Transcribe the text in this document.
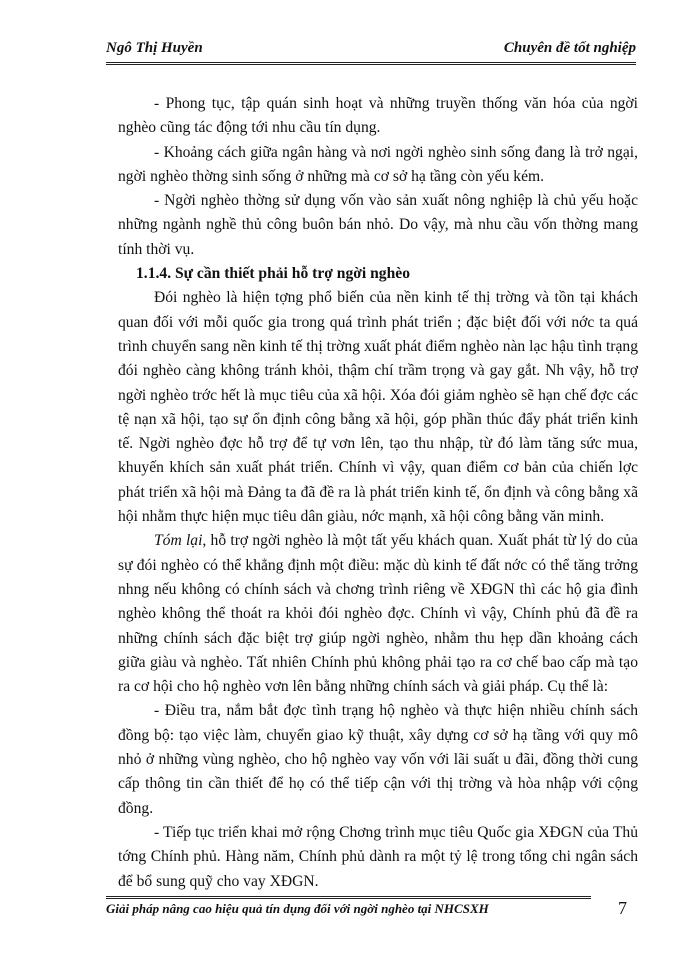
Ngô Thị Huyền	Chuyên đề tốt nghiệp

- Phong tục, tập quán sinh hoạt và những truyền thống văn hóa của ngời nghèo cũng tác động tới nhu cầu tín dụng.

- Khoảng cách giữa ngân hàng và nơi ngời nghèo sinh sống đang là trở ngại, ngời nghèo thờng sinh sống ở những mà cơ sở hạ tầng còn yếu kém.

- Ngời nghèo thờng sử dụng vốn vào sản xuất nông nghiệp là chủ yếu hoặc những ngành nghề thủ công buôn bán nhỏ. Do vậy, mà nhu cầu vốn thờng mang tính thời vụ.

1.1.4. Sự cần thiết phải hỗ trợ ngời nghèo

Đói nghèo là hiện tợng phổ biến của nền kinh tế thị trờng và tồn tại khách quan đối với mỗi quốc gia trong quá trình phát triển ; đặc biệt đối với nớc ta quá trình chuyển sang nền kinh tế thị trờng xuất phát điểm nghèo nàn lạc hậu tình trạng đói nghèo càng không tránh khỏi, thậm chí trầm trọng và gay gắt. Nh vậy, hỗ trợ ngời nghèo trớc hết là mục tiêu của xã hội. Xóa đói giảm nghèo sẽ hạn chế đợc các tệ nạn xã hội, tạo sự ổn định công bằng xã hội, góp phần thúc đẩy phát triển kinh tế. Ngời nghèo đợc hỗ trợ để tự vơn lên, tạo thu nhập, từ đó làm tăng sức mua, khuyến khích sản xuất phát triển. Chính vì vậy, quan điểm cơ bản của chiến lợc phát triển xã hội mà Đảng ta đã đề ra là phát triển kinh tế, ổn định và công bằng xã hội nhằm thực hiện mục tiêu dân giàu, nớc mạnh, xã hội công bằng văn minh.

Tóm lại, hỗ trợ ngời nghèo là một tất yếu khách quan. Xuất phát từ lý do của sự đói nghèo có thể khẳng định một điều: mặc dù kinh tế đất nớc có thể tăng trởng nhng nếu không có chính sách và chơng trình riêng về XĐGN thì các hộ gia đình nghèo không thể thoát ra khỏi đói nghèo đợc. Chính vì vậy, Chính phủ đã đề ra những chính sách đặc biệt trợ giúp ngời nghèo, nhằm thu hẹp dần khoảng cách giữa giàu và nghèo. Tất nhiên Chính phủ không phải tạo ra cơ chế bao cấp mà tạo ra cơ hội cho hộ nghèo vơn lên bằng những chính sách và giải pháp. Cụ thể là:

- Điều tra, nắm bắt đợc tình trạng hộ nghèo và thực hiện nhiều chính sách đồng bộ: tạo việc làm, chuyển giao kỹ thuật, xây dựng cơ sở hạ tầng với quy mô nhỏ ở những vùng nghèo, cho hộ nghèo vay vốn với lãi suất u đãi, đồng thời cung cấp thông tin cần thiết để họ có thể tiếp cận với thị trờng và hòa nhập với cộng đồng.

- Tiếp tục triển khai mở rộng Chơng trình mục tiêu Quốc gia XĐGN của Thủ tớng Chính phủ. Hàng năm, Chính phủ dành ra một tỷ lệ trong tổng chi ngân sách để bổ sung quỹ cho vay XĐGN.

Giải pháp nâng cao hiệu quả tín dụng đối với ngời nghèo tại NHCSXH	7
